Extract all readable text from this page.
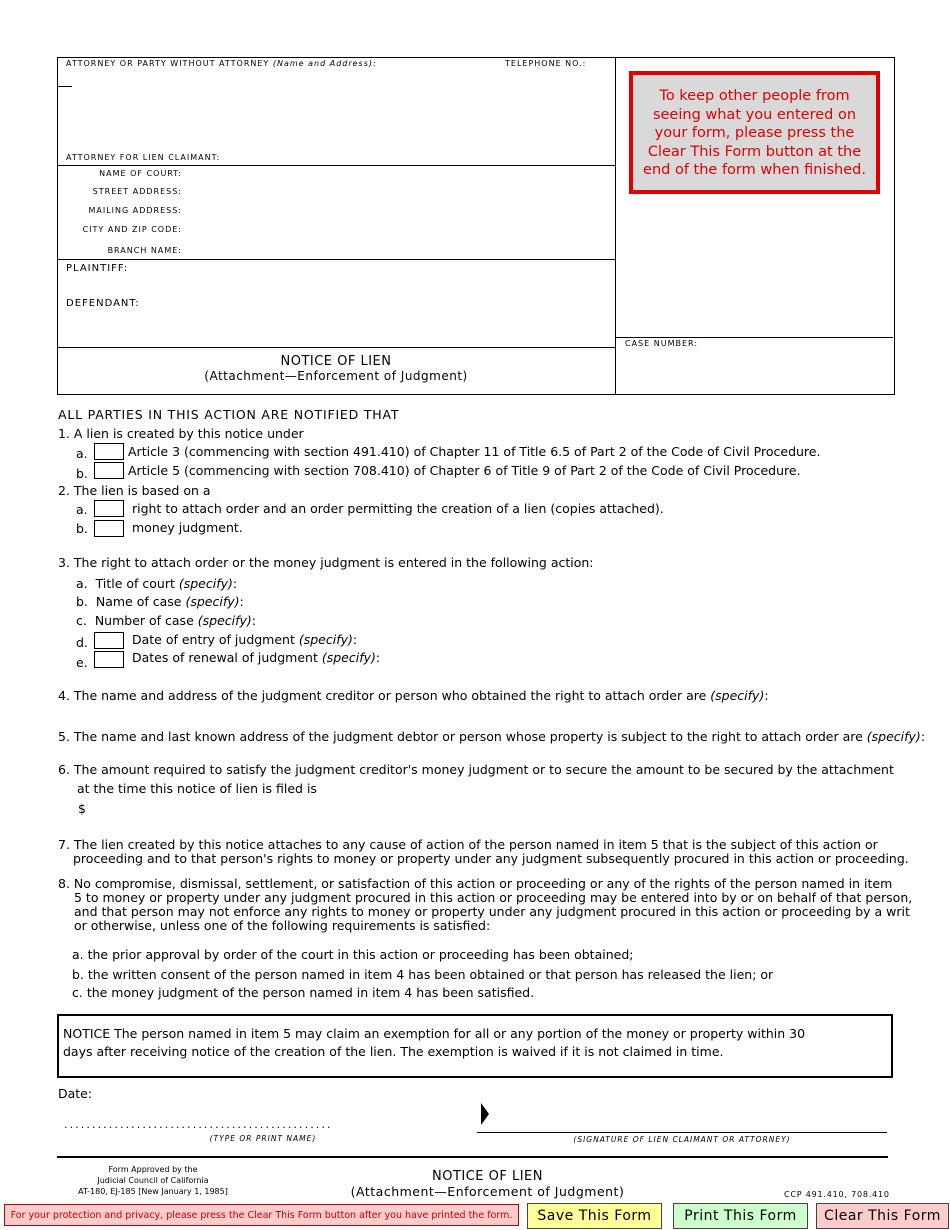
ATTORNEY OR PARTY WITHOUT ATTORNEY (Name and Address):	TELEPHONE NO.:
ATTORNEY FOR LIEN CLAIMANT:
NAME OF COURT:
STREET ADDRESS:
MAILING ADDRESS:
CITY AND ZIP CODE:
BRANCH NAME:
PLAINTIFF:
DEFENDANT:
NOTICE OF LIEN
(Attachment—Enforcement of Judgment)
CASE NUMBER:
To keep other people from seeing what you entered on your form, please press the Clear This Form button at the end of the form when finished.
ALL PARTIES IN THIS ACTION ARE NOTIFIED THAT
1. A lien is created by this notice under
a.	Article 3 (commencing with section 491.410) of Chapter 11 of Title 6.5 of Part 2 of the Code of Civil Procedure.
b.	Article 5 (commencing with section 708.410) of Chapter 6 of Title 9 of Part 2 of the Code of Civil Procedure.
2. The lien is based on a
a.	right to attach order and an order permitting the creation of a lien (copies attached).
b.	money judgment.
3. The right to attach order or the money judgment is entered in the following action:
a. Title of court (specify):
b. Name of case (specify):
c. Number of case (specify):
d.	Date of entry of judgment (specify):
e.	Dates of renewal of judgment (specify):
4. The name and address of the judgment creditor or person who obtained the right to attach order are (specify):
5. The name and last known address of the judgment debtor or person whose property is subject to the right to attach order are (specify):
6. The amount required to satisfy the judgment creditor's money judgment or to secure the amount to be secured by the attachment
at the time this notice of lien is filed is
$
7. The lien created by this notice attaches to any cause of action of the person named in item 5 that is the subject of this action or
proceeding and to that person's rights to money or property under any judgment subsequently procured in this action or proceeding.
8. No compromise, dismissal, settlement, or satisfaction of this action or proceeding or any of the rights of the person named in item
5 to money or property under any judgment procured in this action or proceeding may be entered into by or on behalf of that person,
and that person may not enforce any rights to money or property under any judgment procured in this action or proceeding by a writ
or otherwise, unless one of the following requirements is satisfied:
a. the prior approval by order of the court in this action or proceeding has been obtained;
b. the written consent of the person named in item 4 has been obtained or that person has released the lien; or
c. the money judgment of the person named in item 4 has been satisfied.
NOTICE The person named in item 5 may claim an exemption for all or any portion of the money or property within 30
days after receiving notice of the creation of the lien. The exemption is waived if it is not claimed in time.
Date:
................................................
(TYPE OR PRINT NAME)	(SIGNATURE OF LIEN CLAIMANT OR ATTORNEY)
Form Approved by the
Judicial Council of California
AT-180, EJ-185 [New January 1, 1985]
NOTICE OF LIEN
(Attachment—Enforcement of Judgment)	CCP 491.410, 708.410
For your protection and privacy, please press the Clear This Form button after you have printed the form.	Save This Form	Print This Form	Clear This Form
